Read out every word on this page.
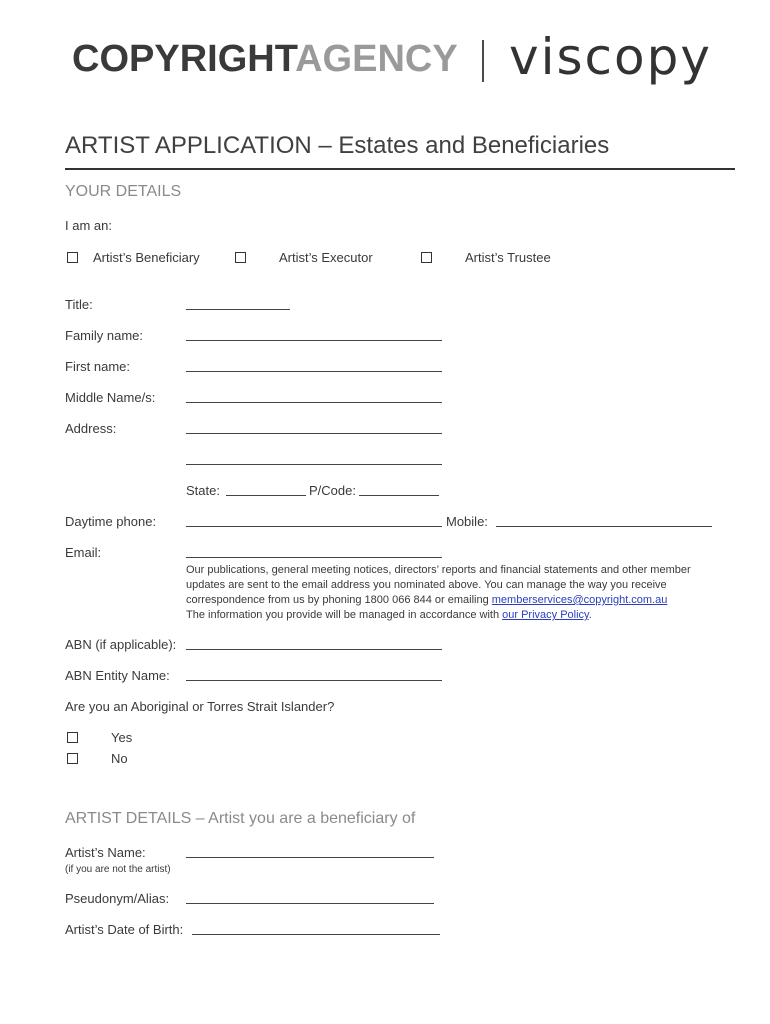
COPYRIGHTAGENCY viscopy
ARTIST APPLICATION – Estates and Beneficiaries
YOUR DETAILS
I am an:
Artist’s Beneficiary	Artist’s Executor	Artist’s Trustee
Title:
Family name:
First name:
Middle Name/s:
Address:
State:	P/Code:
Daytime phone:	Mobile:
Email:
Our publications, general meeting notices, directors’ reports and financial statements and other member
updates are sent to the email address you nominated above. You can manage the way you receive
correspondence from us by phoning 1800 066 844 or emailing memberservices@copyright.com.au
The information you provide will be managed in accordance with our Privacy Policy.
ABN (if applicable):
ABN Entity Name:
Are you an Aboriginal or Torres Strait Islander?
Yes
No
ARTIST DETAILS – Artist you are a beneficiary of
Artist’s Name:
(if you are not the artist)
Pseudonym/Alias:
Artist’s Date of Birth:
